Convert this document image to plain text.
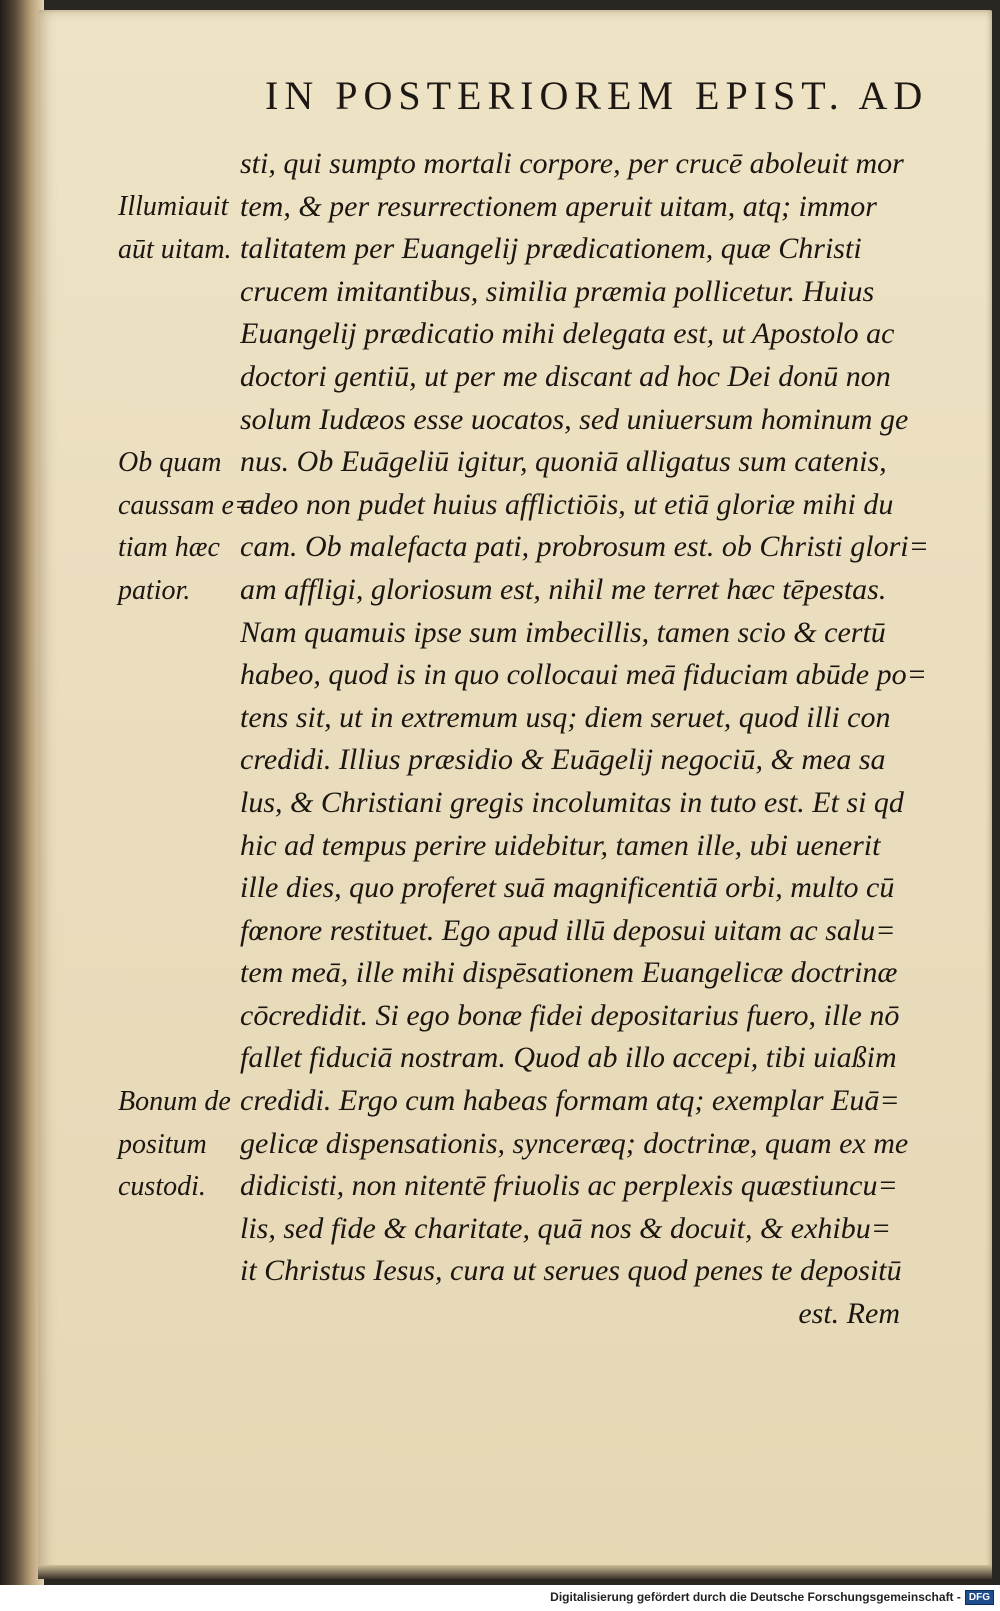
IN POSTERIOREM EPIST. AD
sti, qui sumpto mortali corpore, per crucē aboleuit mor
tem, & per resurrectionem aperuit uitam, atq; immor
talitatem per Euangelij prædicationem, quæ Christi
crucem imitantibus, similia præmia pollicetur. Huius
Euangelij prædicatio mihi delegata est, ut Apostolo ac
doctori gentiū, ut per me discant ad hoc Dei donū non
solum Iudæos esse uocatos, sed uniuersum hominum ge
nus. Ob Euāgeliū igitur, quoniā alligatus sum catenis,
adeo non pudet huius afflictiōis, ut etiā gloriæ mihi du
cam. Ob malefacta pati, probrosum est. ob Christi glori=
am affligi, gloriosum est, nihil me terret hæc tēpestas.
Nam quamuis ipse sum imbecillis, tamen scio & certū
habeo, quod is in quo collocaui meā fiduciam abūde po=
tens sit, ut in extremum usq; diem seruet, quod illi con
credidi. Illius præsidio & Euāgelij negociū, & mea sa
lus, & Christiani gregis incolumitas in tuto est. Et si qd
hic ad tempus perire uidebitur, tamen ille, ubi uenerit
ille dies, quo proferet suā magnificentiā orbi, multo cū
fœnore restituet. Ego apud illū deposui uitam ac salu=
tem meā, ille mihi dispēsationem Euangelicæ doctrinæ
cōcredidit. Si ego bonæ fidei depositarius fuero, ille nō
fallet fiduciā nostram. Quod ab illo accepi, tibi uiaßim
credidi. Ergo cum habeas formam atq; exemplar Euā=
gelicæ dispensationis, synceræq; doctrinæ, quam ex me
didicisti, non nitentē friuolis ac perplexis quæstiuncu=
lis, sed fide & charitate, quā nos & docuit, & exhibu=
it Christus Iesus, cura ut serues quod penes te depositū
est. Rem
Illumiauit
aūt uitam.
Ob quam
caussam e=
tiam hæc
patior.
Bonum de
positum
custodi.
Digitalisierung gefördert durch die Deutsche Forschungsgemeinschaft - DFG
